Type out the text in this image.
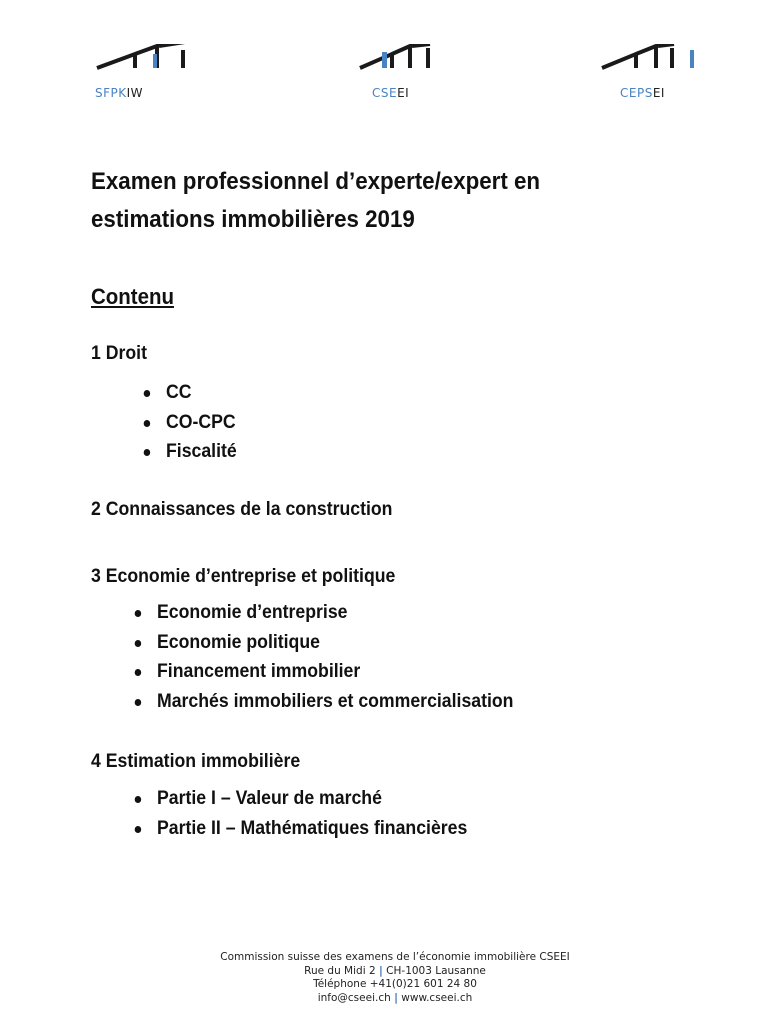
SFPKIW	CSEEI	CEPSEI
Examen professionnel d’experte/expert en estimations immobilières 2019
Contenu
1 Droit
CC
CO-CPC
Fiscalité
2 Connaissances de la construction
3 Economie d’entreprise et politique
Economie d’entreprise
Economie politique
Financement immobilier
Marchés immobiliers et commercialisation
4 Estimation immobilière
Partie I – Valeur de marché
Partie II – Mathématiques financières
Commission suisse des examens de l’économie immobilière CSEEI
Rue du Midi 2 | CH-1003 Lausanne
Téléphone +41(0)21 601 24 80
info@cseei.ch | www.cseei.ch
